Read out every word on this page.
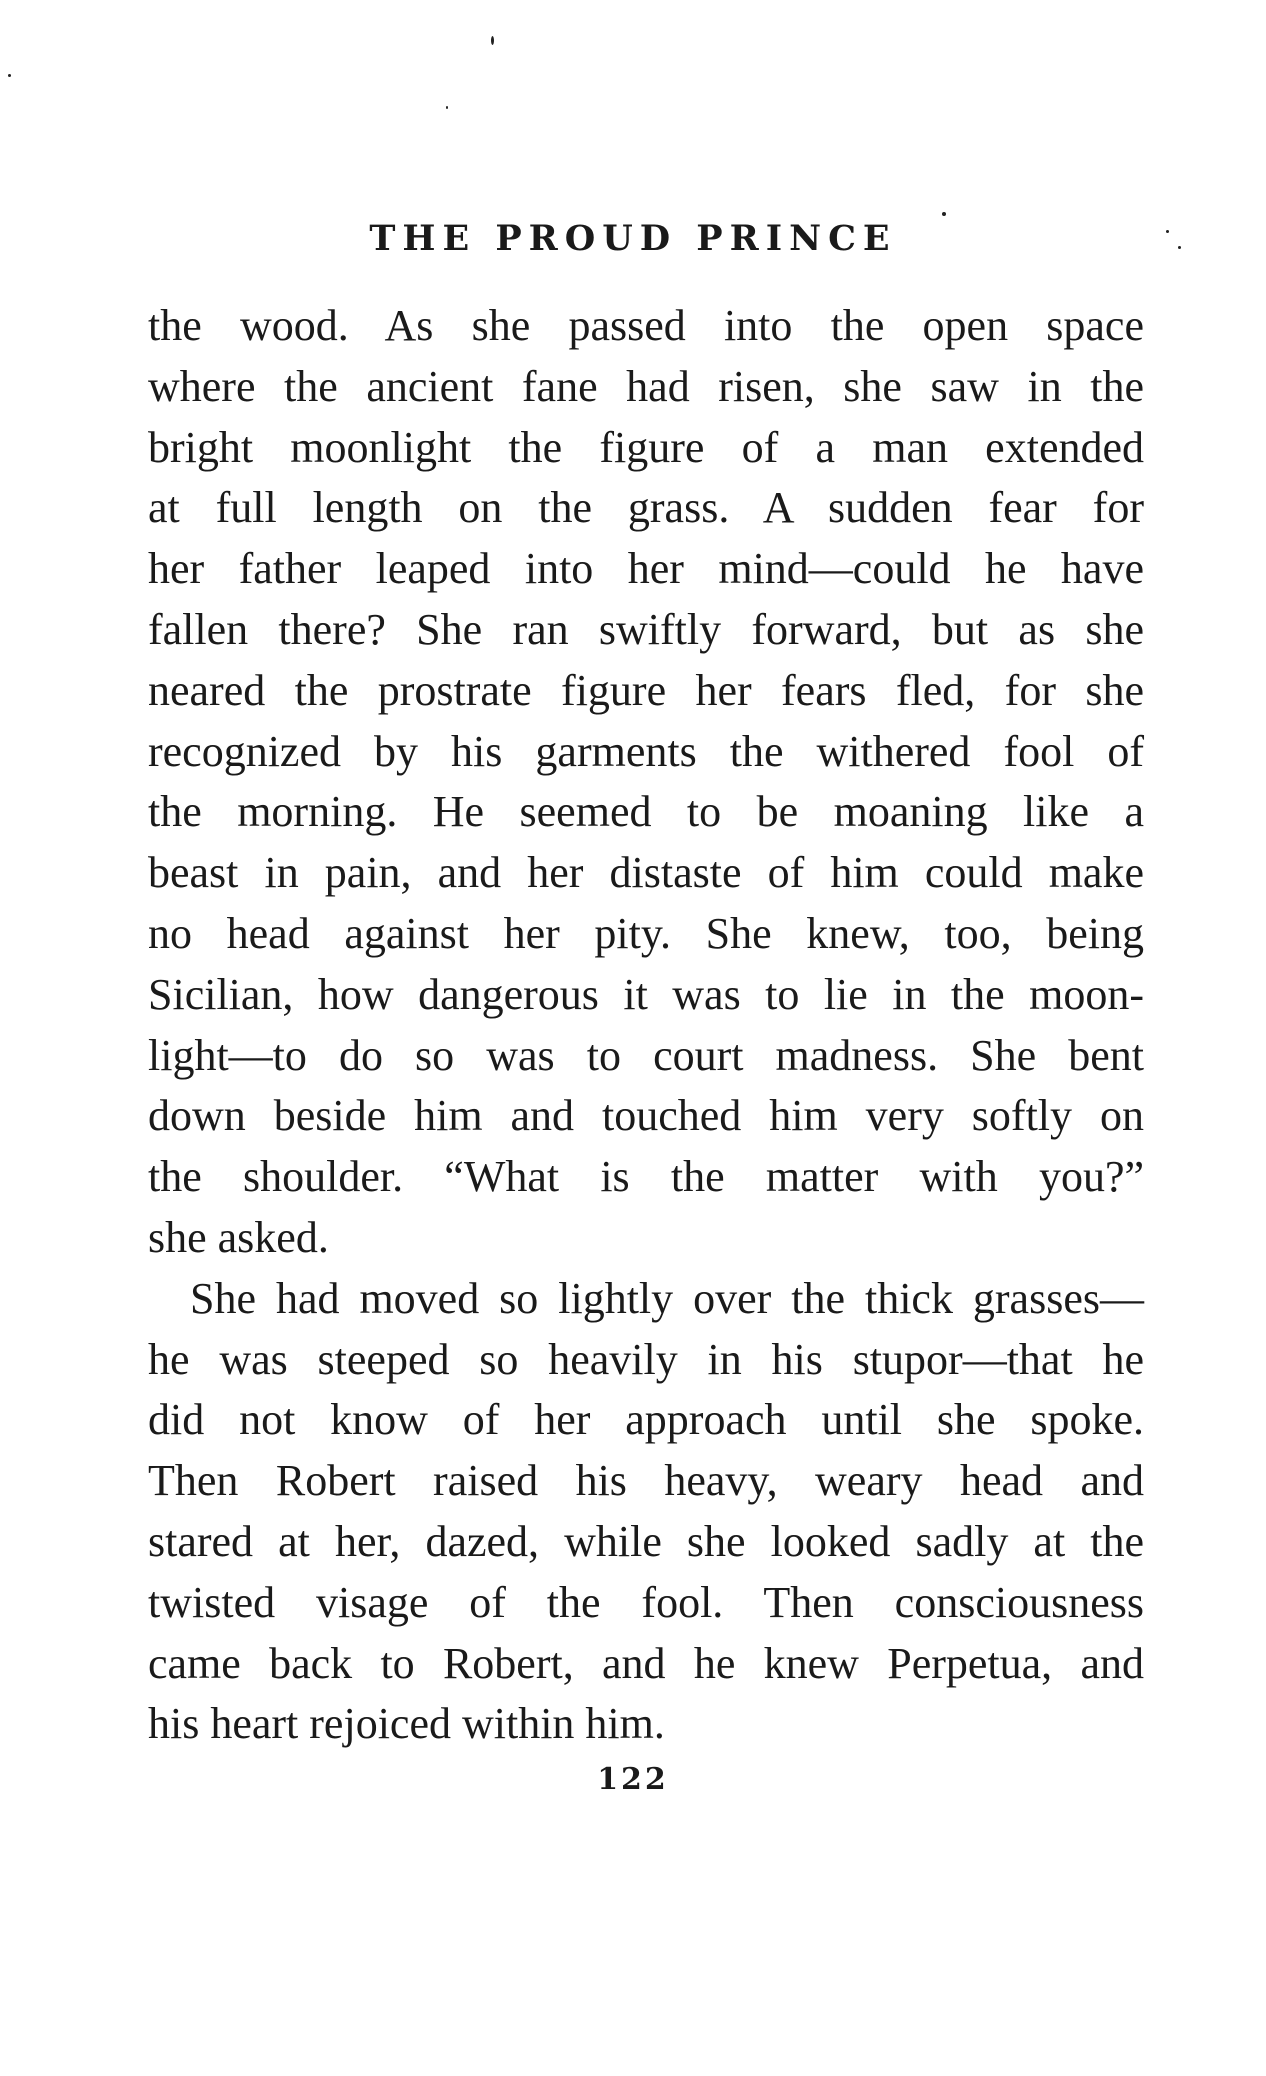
THE PROUD PRINCE
the wood. As she passed into the open space
where the ancient fane had risen, she saw in the
bright moonlight the figure of a man extended
at full length on the grass. A sudden fear for
her father leaped into her mind—could he have
fallen there? She ran swiftly forward, but as she
neared the prostrate figure her fears fled, for she
recognized by his garments the withered fool of
the morning. He seemed to be moaning like a
beast in pain, and her distaste of him could make
no head against her pity. She knew, too, being
Sicilian, how dangerous it was to lie in the moon-
light—to do so was to court madness. She bent
down beside him and touched him very softly on
the shoulder. “What is the matter with you?”
she asked.
She had moved so lightly over the thick grasses—
he was steeped so heavily in his stupor—that he
did not know of her approach until she spoke.
Then Robert raised his heavy, weary head and
stared at her, dazed, while she looked sadly at the
twisted visage of the fool. Then consciousness
came back to Robert, and he knew Perpetua, and
his heart rejoiced within him.
122
